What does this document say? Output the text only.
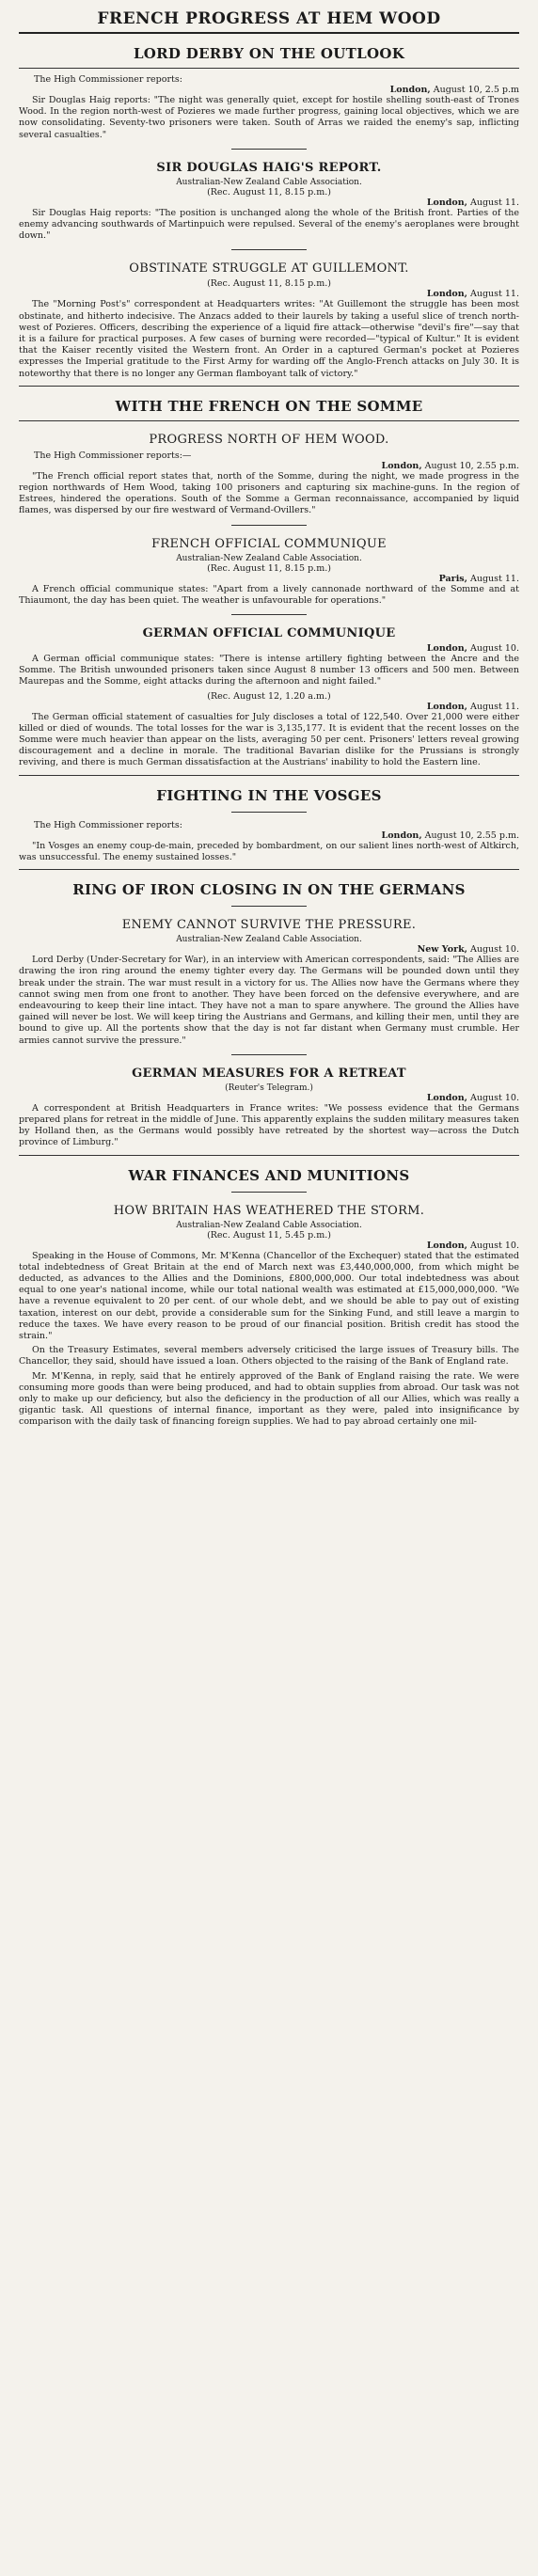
FRENCH PROGRESS AT HEM WOOD
LORD DERBY ON THE OUTLOOK
The High Commissioner reports:
London, August 10, 2.5 p.m

Sir Douglas Haig reports: "The night was generally quiet, except for hostile shelling south-east of Trones Wood. In the region north-west of Pozieres we made further progress, gaining local objectives, which we are now consolidating. Seventy-two prisoners were taken. South of Arras we raided the enemy's sap, inflicting several casualties."

SIR DOUGLAS HAIG'S REPORT.

Australian-New Zealand Cable Association.

(Rec. August 11, 8.15 p.m.)

London, August 11.

Sir Douglas Haig reports: "The position is unchanged along the whole of the British front. Parties of the enemy advancing southwards of Martinpuich were repulsed. Several of the enemy's aeroplanes were brought down."

OBSTINATE STRUGGLE AT GUILLEMONT.

(Rec. August 11, 8.15 p.m.)

London, August 11.

The "Morning Post's" correspondent at Headquarters writes: "At Guillemont the struggle has been most obstinate, and hitherto indecisive. The Anzacs added to their laurels by taking a useful slice of trench north-west of Pozieres. Officers, describing the experience of a liquid fire attack—otherwise "devil's fire"—say that it is a failure for practical purposes. A few cases of burning were recorded—"typical of Kultur." It is evident that the Kaiser recently visited the Western front. An Order in a captured German's pocket at Pozieres expresses the Imperial gratitude to the First Army for warding off the Anglo-French attacks on July 30. It is noteworthy that there is no longer any German flamboyant talk of victory."

WITH THE FRENCH ON THE SOMME
PROGRESS NORTH OF HEM WOOD.
The High Commissioner reports:—
London, August 10, 2.55 p.m.

"The French official report states that, north of the Somme, during the night, we made progress in the region northwards of Hem Wood, taking 100 prisoners and capturing six machine-guns. In the region of Estrees, hindered the operations. South of the Somme a German reconnaissance, accompanied by liquid flames, was dispersed by our fire westward of Vermand-Ovillers."

FRENCH OFFICIAL COMMUNIQUE

Australian-New Zealand Cable Association.

(Rec. August 11, 8.15 p.m.)

Paris, August 11.

A French official communique states: "Apart from a lively cannonade northward of the Somme and at Thiaumont, the day has been quiet. The weather is unfavourable for operations."

GERMAN OFFICIAL COMMUNIQUE
London, August 10.

A German official communique states: "There is intense artillery fighting between the Ancre and the Somme. The British unwounded prisoners taken since August 8 number 13 officers and 500 men. Between Maurepas and the Somme, eight attacks during the afternoon and night failed."

(Rec. August 12, 1.20 a.m.)

London, August 11.

The German official statement of casualties for July discloses a total of 122,540. Over 21,000 were either killed or died of wounds. The total losses for the war is 3,135,177. It is evident that the recent losses on the Somme were much heavier than appear on the lists, averaging 50 per cent. Prisoners' letters reveal growing discouragement and a decline in morale. The traditional Bavarian dislike for the Prussians is strongly reviving, and there is much German dissatisfaction at the Austrians' inability to hold the Eastern line.

FIGHTING IN THE VOSGES
The High Commissioner reports:
London, August 10, 2.55 p.m.

"In Vosges an enemy coup-de-main, preceded by bombardment, on our salient lines north-west of Altkirch, was unsuccessful. The enemy sustained losses."

RING OF IRON CLOSING IN ON THE GERMANS
ENEMY CANNOT SURVIVE THE PRESSURE.

Australian-New Zealand Cable Association.

New York, August 10.

Lord Derby (Under-Secretary for War), in an interview with American correspondents, said: "The Allies are drawing the iron ring around the enemy tighter every day. The Germans will be pounded down until they break under the strain. The war must result in a victory for us. The Allies now have the Germans where they cannot swing men from one front to another. They have been forced on the defensive everywhere, and are endeavouring to keep their line intact. They have not a man to spare anywhere. The ground the Allies have gained will never be lost. We will keep tiring the Austrians and Germans, and killing their men, until they are bound to give up. All the portents show that the day is not far distant when Germany must crumble. Her armies cannot survive the pressure."

GERMAN MEASURES FOR A RETREAT

(Reuter's Telegram.)

London, August 10.

A correspondent at British Headquarters in France writes: "We possess evidence that the Germans prepared plans for retreat in the middle of June. This apparently explains the sudden military measures taken by Holland then, as the Germans would possibly have retreated by the shortest way—across the Dutch province of Limburg."

WAR FINANCES AND MUNITIONS
HOW BRITAIN HAS WEATHERED THE STORM.

Australian-New Zealand Cable Association.

(Rec. August 11, 5.45 p.m.)

London, August 10.

Speaking in the House of Commons, Mr. M'Kenna (Chancellor of the Exchequer) stated that the estimated total indebtedness of Great Britain at the end of March next was £3,440,000,000, from which might be deducted, as advances to the Allies and the Dominions, £800,000,000. Our total indebtedness was about equal to one year's national income, while our total national wealth was estimated at £15,000,000,000. "We have a revenue equivalent to 20 per cent. of our whole debt, and we should be able to pay out of existing taxation, interest on our debt, provide a considerable sum for the Sinking Fund, and still leave a margin to reduce the taxes. We have every reason to be proud of our financial position. British credit has stood the strain."

On the Treasury Estimates, several members adversely criticised the large issues of Treasury bills. The Chancellor, they said, should have issued a loan. Others objected to the raising of the Bank of England rate.

Mr. M'Kenna, in reply, said that he entirely approved of the Bank of England raising the rate. We were consuming more goods than were being produced, and had to obtain supplies from abroad. Our task was not only to make up our deficiency, but also the deficiency in the production of all our Allies, which was really a gigantic task. All questions of internal finance, important as they were, paled into insignificance by comparison with the daily task of financing foreign supplies. We had to pay abroad certainly one mil-
